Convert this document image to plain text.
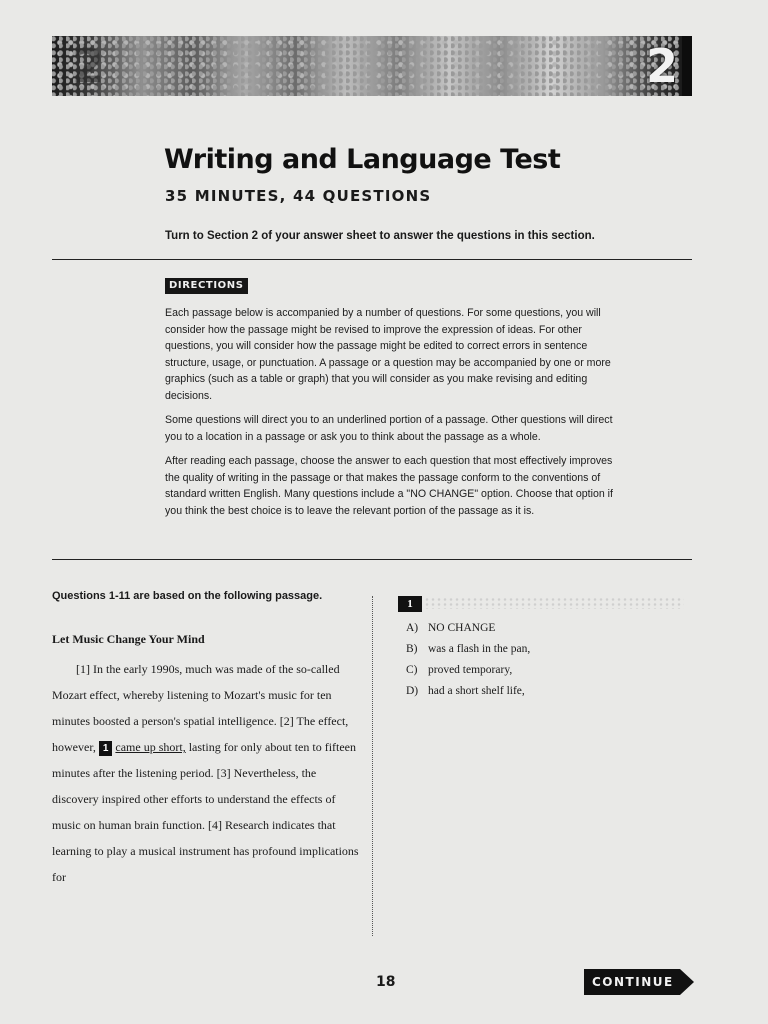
2	2
Writing and Language Test
35 MINUTES, 44 QUESTIONS
Turn to Section 2 of your answer sheet to answer the questions in this section.
DIRECTIONS

Each passage below is accompanied by a number of questions. For some questions, you will consider how the passage might be revised to improve the expression of ideas. For other questions, you will consider how the passage might be edited to correct errors in sentence structure, usage, or punctuation. A passage or a question may be accompanied by one or more graphics (such as a table or graph) that you will consider as you make revising and editing decisions.

Some questions will direct you to an underlined portion of a passage. Other questions will direct you to a location in a passage or ask you to think about the passage as a whole.

After reading each passage, choose the answer to each question that most effectively improves the quality of writing in the passage or that makes the passage conform to the conventions of standard written English. Many questions include a "NO CHANGE" option. Choose that option if you think the best choice is to leave the relevant portion of the passage as it is.

Questions 1-11 are based on the following passage.

Let Music Change Your Mind

[1] In the early 1990s, much was made of the so-called Mozart effect, whereby listening to Mozart's music for ten minutes boosted a person's spatial intelligence. [2] The effect, however, 1 came up short, lasting for only about ten to fifteen minutes after the listening period. [3] Nevertheless, the discovery inspired other efforts to understand the effects of music on human brain function. [4] Research indicates that learning to play a musical instrument has profound implications for

1
A) NO CHANGE
B) was a flash in the pan,
C) proved temporary,
D) had a short shelf life,
18	CONTINUE
